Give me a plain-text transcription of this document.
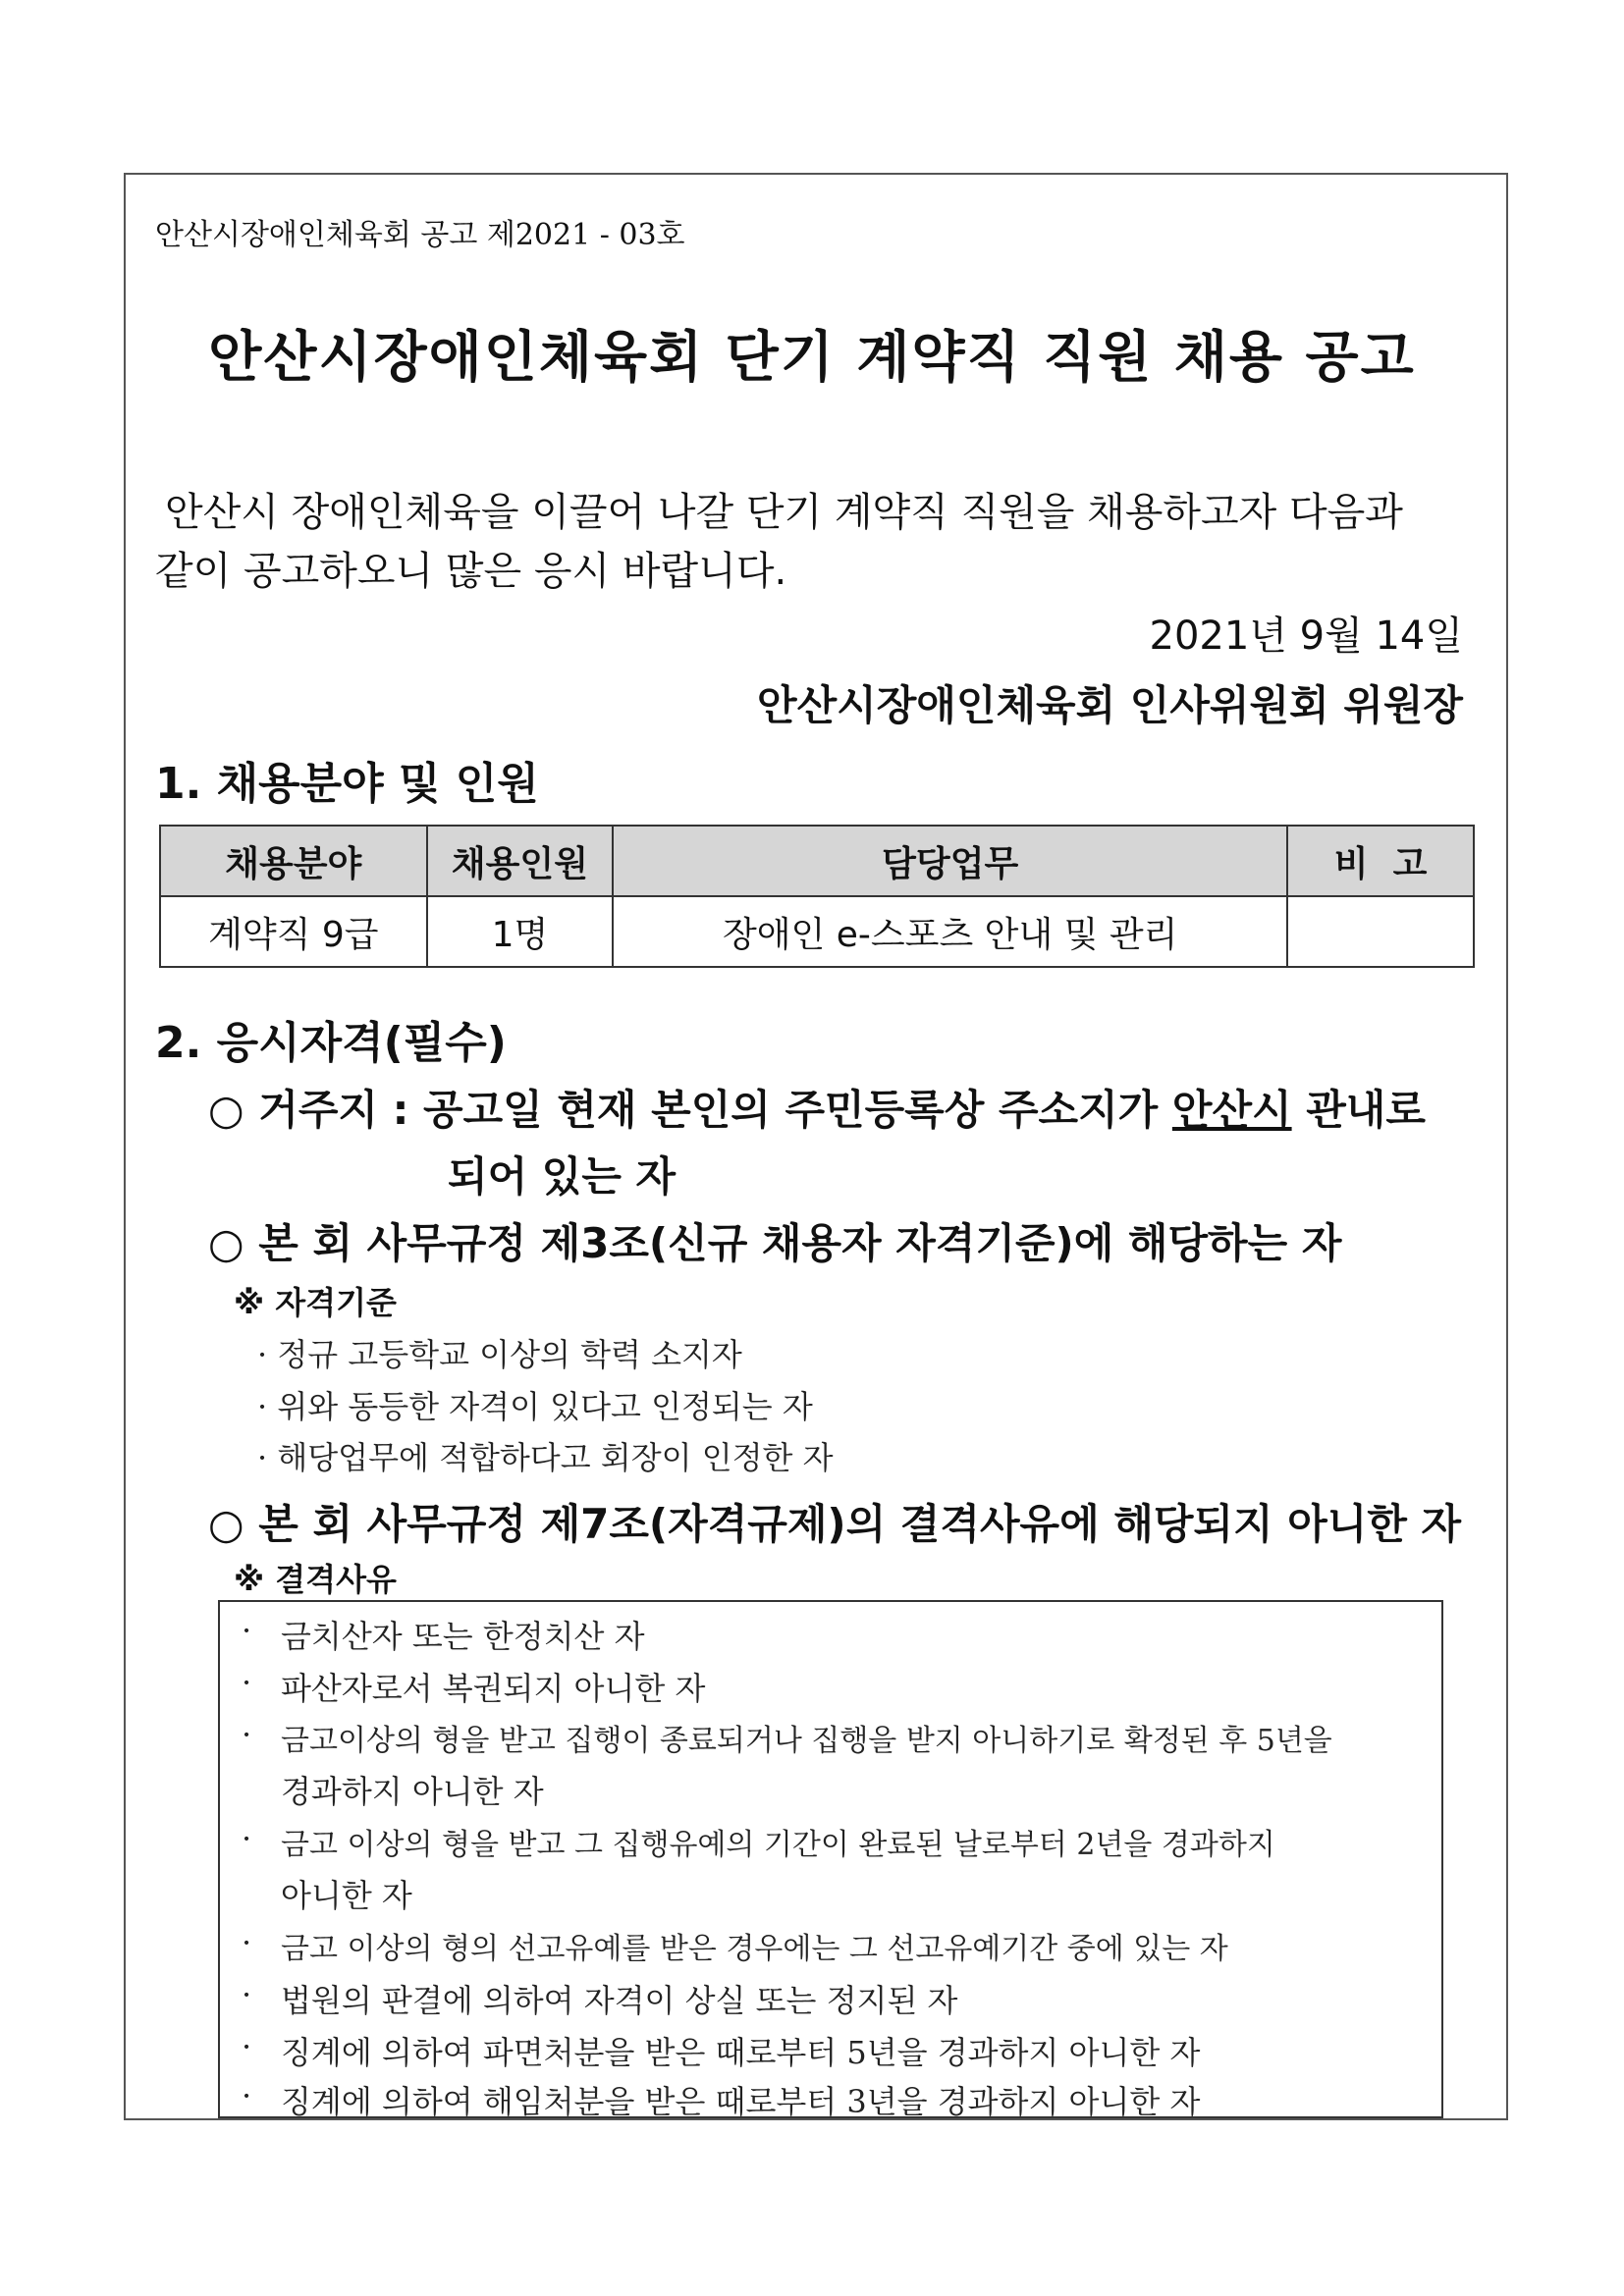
안산시장애인체육회 공고 제2021 - 03호
안산시장애인체육회 단기 계약직 직원 채용 공고
안산시 장애인체육을 이끌어 나갈 단기 계약직 직원을 채용하고자 다음과
같이 공고하오니 많은 응시 바랍니다.
2021년 9월 14일
안산시장애인체육회 인사위원회 위원장
1. 채용분야 및 인원
채용분야	채용인원	담당업무	비  고
계약직 9급	1명	장애인 e-스포츠 안내 및 관리	
2. 응시자격(필수)
○ 거주지 : 공고일 현재 본인의 주민등록상 주소지가 안산시 관내로
되어 있는 자
○ 본 회 사무규정 제3조(신규 채용자 자격기준)에 해당하는 자
※ 자격기준
· 정규 고등학교 이상의 학력 소지자
· 위와 동등한 자격이 있다고 인정되는 자
· 해당업무에 적합하다고 회장이 인정한 자
○ 본 회 사무규정 제7조(자격규제)의 결격사유에 해당되지 아니한 자
※ 결격사유
· 금치산자 또는 한정치산 자
· 파산자로서 복권되지 아니한 자
· 금고이상의 형을 받고 집행이 종료되거나 집행을 받지 아니하기로 확정된 후 5년을
경과하지 아니한 자
· 금고 이상의 형을 받고 그 집행유예의 기간이 완료된 날로부터 2년을 경과하지
아니한 자
· 금고 이상의 형의 선고유예를 받은 경우에는 그 선고유예기간 중에 있는 자
· 법원의 판결에 의하여 자격이 상실 또는 정지된 자
· 징계에 의하여 파면처분을 받은 때로부터 5년을 경과하지 아니한 자
· 징계에 의하여 해임처분을 받은 때로부터 3년을 경과하지 아니한 자
